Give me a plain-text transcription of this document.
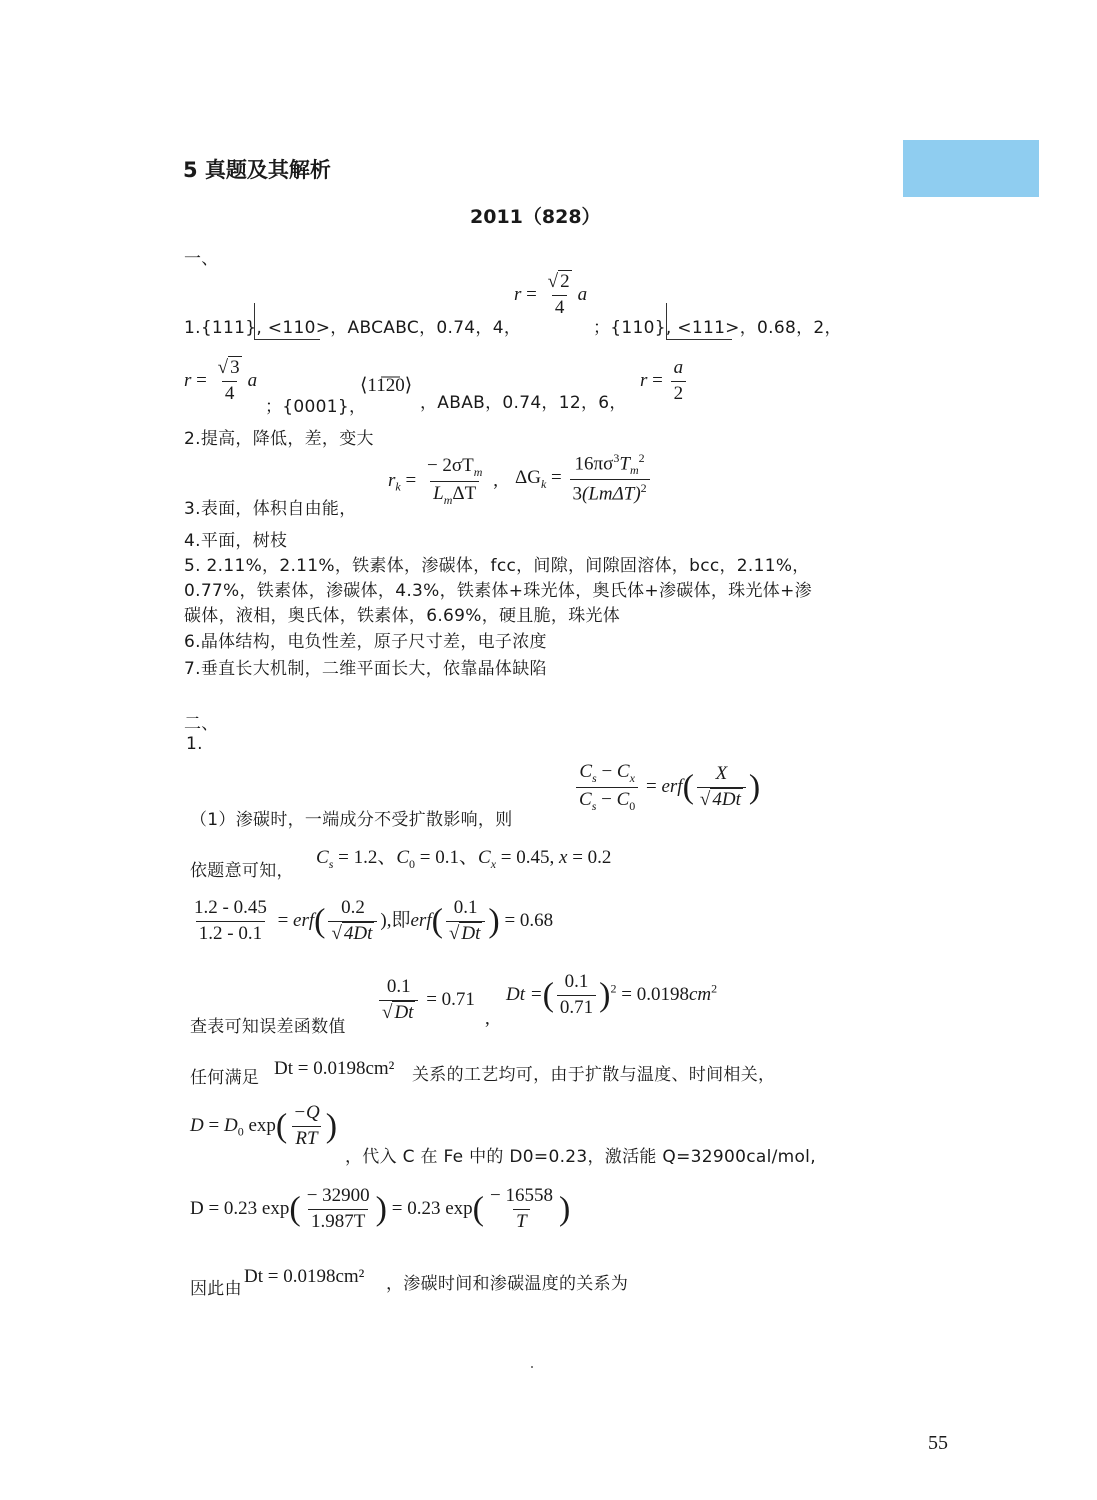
5 真题及其解析
2011（828）
一、
1.{111}, <110>，ABCABC，0.74，4，
$r = \frac{√ 2}{4}$ a
；{110}, <111>，0.68，2，
$r = \frac{√ 3}{4}$ a
；{0001}，
⟨11̅2̅0⟩
，ABAB，0.74，12，6，
$r = \frac{a}{2}$
2.提高，降低，差，变大
3.表面，体积自由能，
$r_k = \frac{- 2\sigma T_m}{L_m\Delta T}$ , $\Delta G_k = \frac{16\pi\sigma^3T_m^2}{3(Lm\Delta T)^2}$
4.平面，树枝
5. 2.11%，2.11%，铁素体，渗碳体，fcc，间隙，间隙固溶体，bcc，2.11%，
0.77%，铁素体，渗碳体，4.3%，铁素体+珠光体，奥氏体+渗碳体，珠光体+渗
碳体，液相，奥氏体，铁素体，6.69%，硬且脆，珠光体
6.晶体结构，电负性差，原子尺寸差，电子浓度
7.垂直长大机制，二维平面长大，依靠晶体缺陷
二、
1.
（1）渗碳时，一端成分不受扩散影响，则
$\frac{C_s - C_x}{C_s - C_0} = erf( \frac{X}{√ 4Dt}$ )
依题意可知，
$C_s = 1.2$、$C_0 = 0.1$、$C_x = 0.45$, x = 0.2
$\frac{1.2 - 0.45}{1.2 - 0.1} = erf( \frac{0.2}{√ 4Dt}$ ),即$erf( \frac{0.1}{√ Dt}$ ) = 0.68
查表可知误差函数值
$\frac{0.1}{√ Dt} = 0.71$
,
Dt =( $\frac{0.1}{0.71} )^2 = 0.0198cm^2$
任何满足 Dt = 0.0198cm² 关系的工艺均可，由于扩散与温度、时间相关，
$D = D_0$ $\exp( \frac{-Q}{RT}$ )
，代入 C 在 Fe 中的 D0=0.23，激活能 Q=32900cal/mol,
D = 0.23 $\exp( \frac{- 32900}{1.987T}$ ) = 0.23 $\exp( \frac{- 16558}{T}$ )
因此由
Dt = 0.0198cm² ，渗碳时间和渗碳温度的关系为
55
